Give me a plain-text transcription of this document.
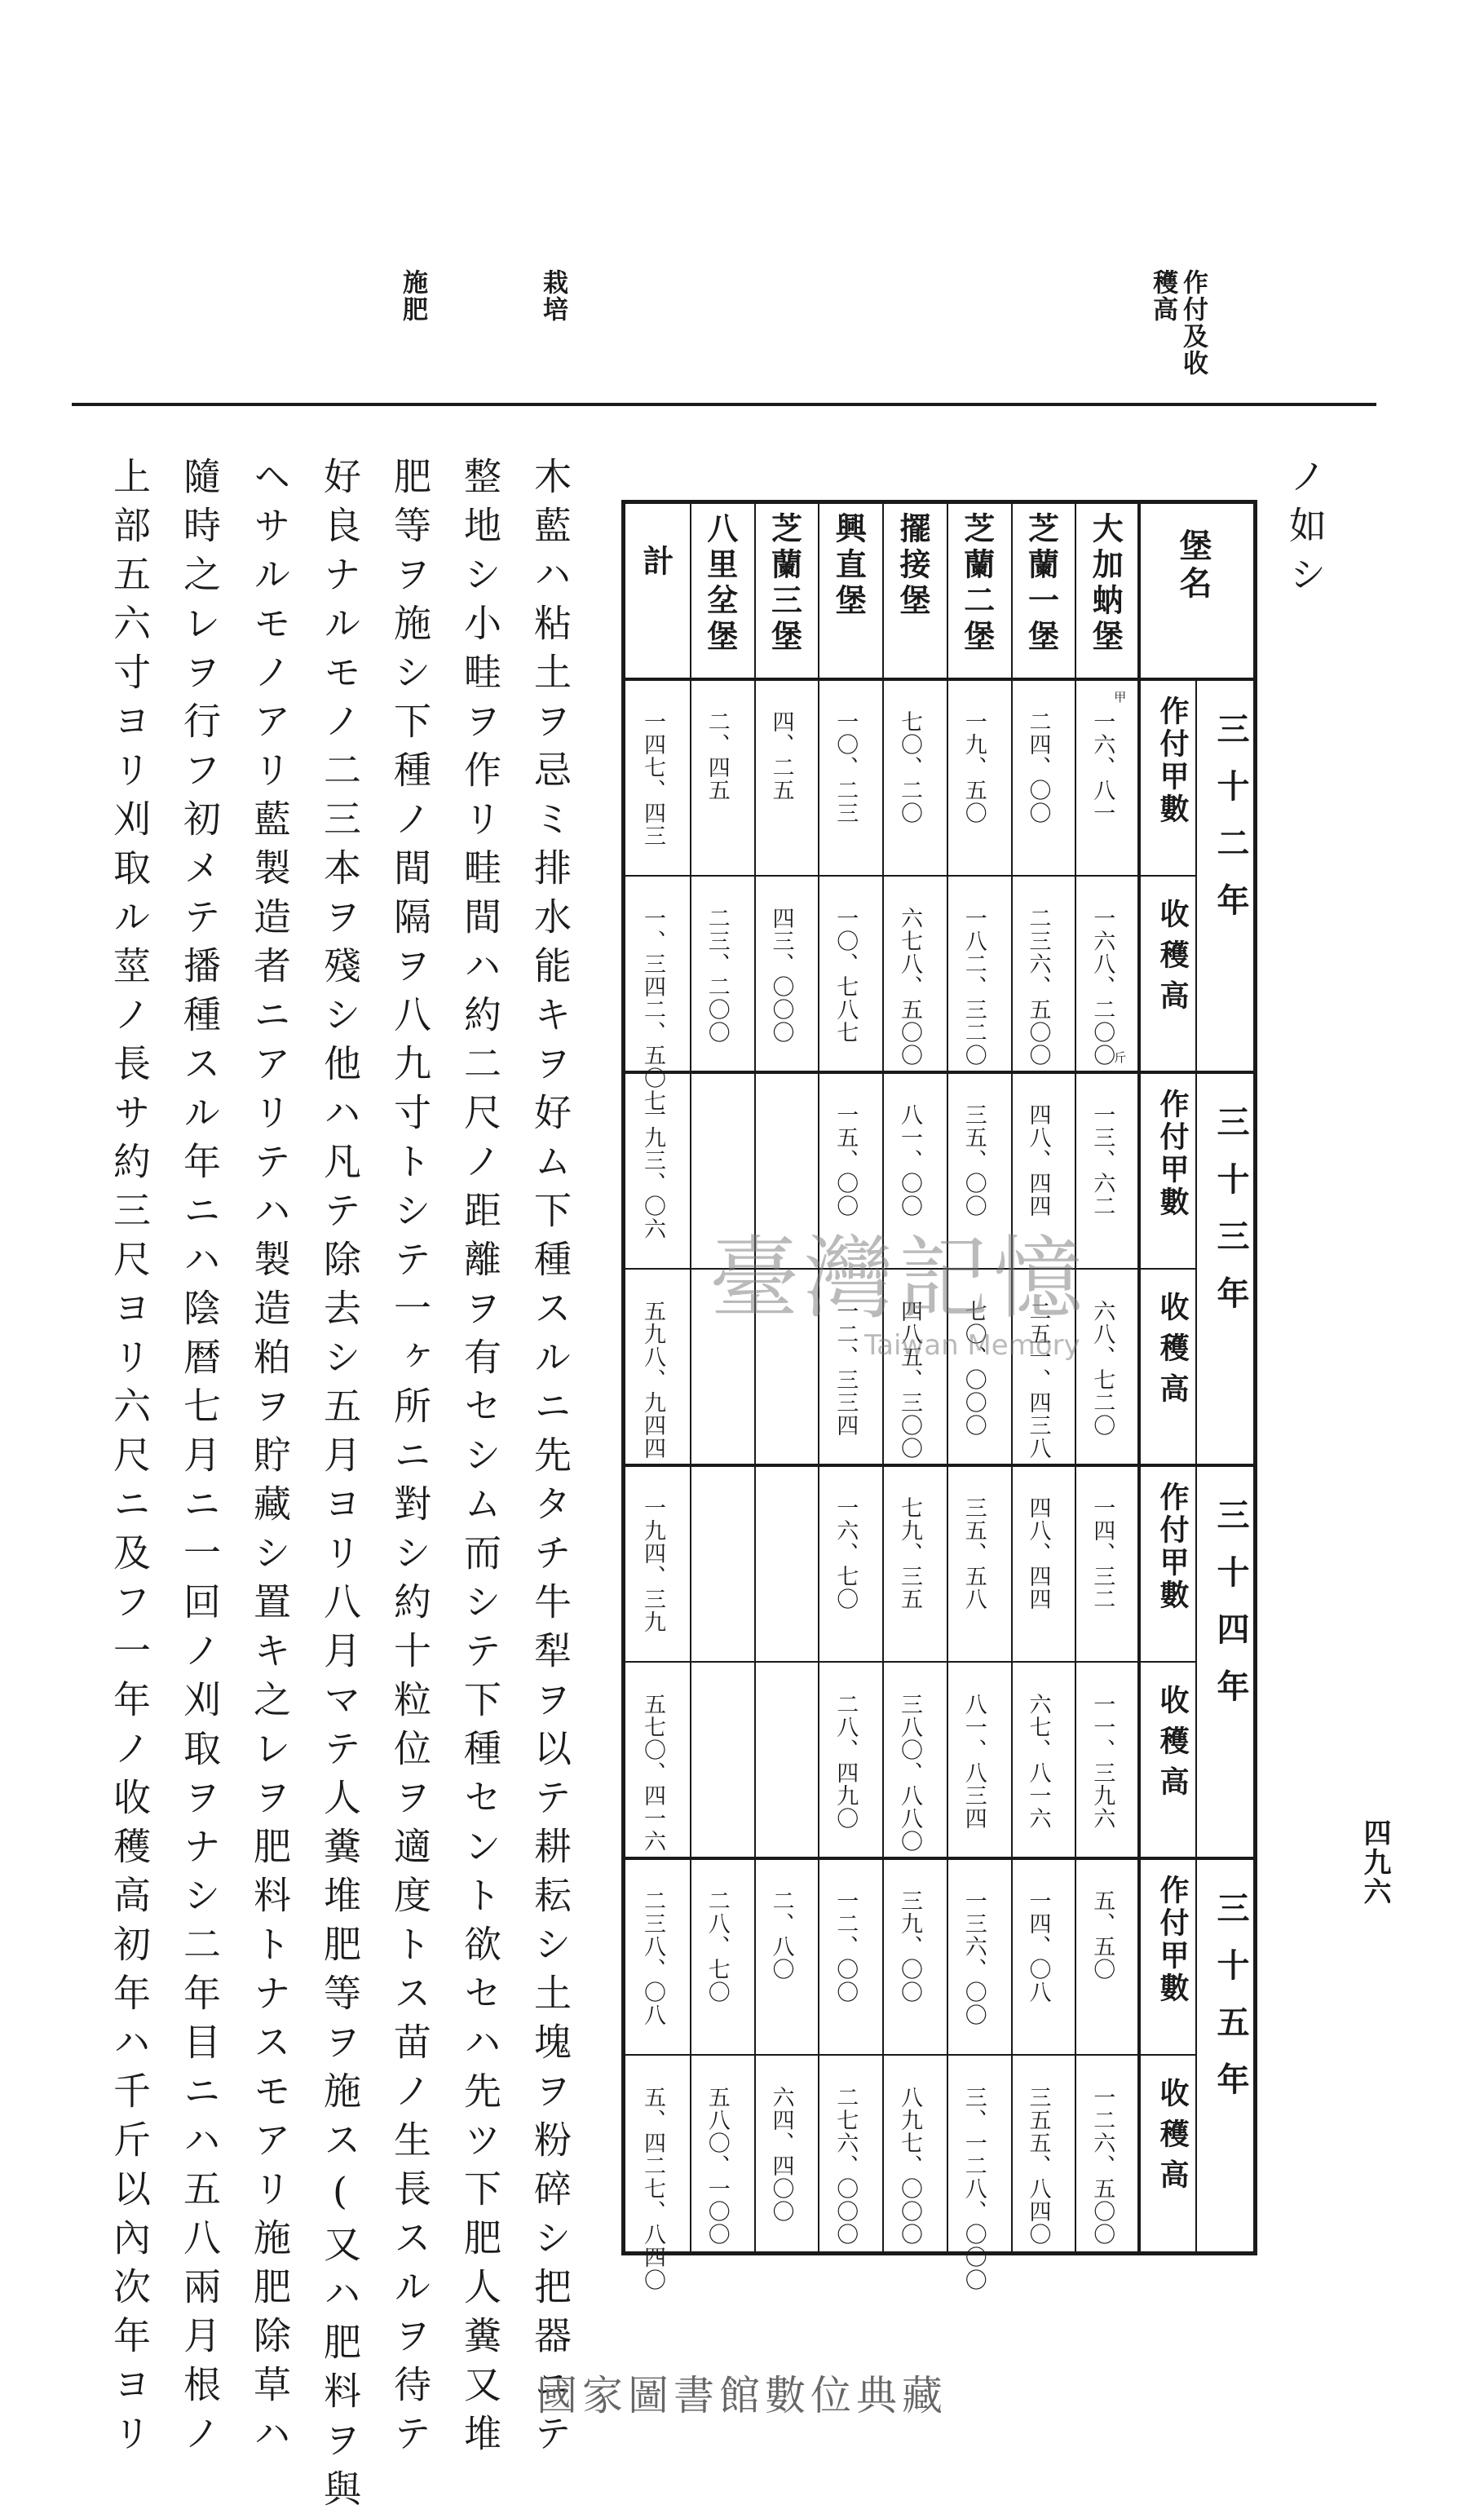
作付及收
穫高
栽培
施肥
ノ如シ
四九六
木藍ハ粘土ヲ忌ミ排水能キヲ好ム下種スルニ先タチ牛犁ヲ以テ耕耘シ土塊ヲ粉碎シ把器ニテ
整地シ小畦ヲ作リ畦間ハ約二尺ノ距離ヲ有セシム而シテ下種セント欲セハ先ツ下肥人糞又堆
肥等ヲ施シ下種ノ間隔ヲ八九寸トシテ一ヶ所ニ對シ約十粒位ヲ適度トス苗ノ生長スルヲ待テ
好良ナルモノ二三本ヲ殘シ他ハ凡テ除去シ五月ヨリ八月マテ人糞堆肥等ヲ施ス(又ハ肥料ヲ與
ヘサルモノアリ藍製造者ニアリテハ製造粕ヲ貯藏シ置キ之レヲ肥料トナスモアリ施肥除草ハ
隨時之レヲ行フ初メテ播種スル年ニハ陰暦七月ニ一回ノ刈取ヲナシ二年目ニハ五八兩月根ノ
上部五六寸ヨリ刈取ル莖ノ長サ約三尺ヨリ六尺ニ及フ一年ノ收穫高初年ハ千斤以內次年ヨリ	堡名
三十二年
作付甲數
收穫高
三十三年
作付甲數
收穫高
三十四年
作付甲數
收穫高
三十五年
作付甲數
收穫高
大加蚋堡
一六、八一
一六八、二〇〇
一三、六二
六八、七二〇
一四、三二
一一、三九六
五、五〇
一二六、五〇〇
芝蘭一堡
二四、〇〇
二三六、五〇〇
四八、四四
二五一、四三八
四八、四四
六七、八一六
一四、〇八
三五五、八四〇
芝蘭二堡
一九、五〇
一八二、三二〇
三五、〇〇
七〇、〇〇〇
三五、五八
八一、八三四
一三六、〇〇
三、一二八、〇〇〇
擺接堡
七〇、二〇
六七八、五〇〇
八一、〇〇
四八五、三〇〇
七九、三五
三八〇、八八〇
三九、〇〇
八九七、〇〇〇
興直堡
一〇、二三
一〇、七八七
一五、〇〇
一二、三三四
一六、七〇
二八、四九〇
一二、〇〇
二七六、〇〇〇
芝蘭三堡
四、二五
四三、〇〇〇
二、八〇
六四、四〇〇
八里坌堡
二、四五
二三、二〇〇
二八、七〇
五八〇、一〇〇
計
一四七、四三
一、三四二、五〇七
一九三、〇六
五九八、九四四
一九四、三九
五七〇、四一六
二三八、〇八
五、四二七、八四〇
甲
斤
臺灣記憶
Taiwan Memory
國家圖書館數位典藏
